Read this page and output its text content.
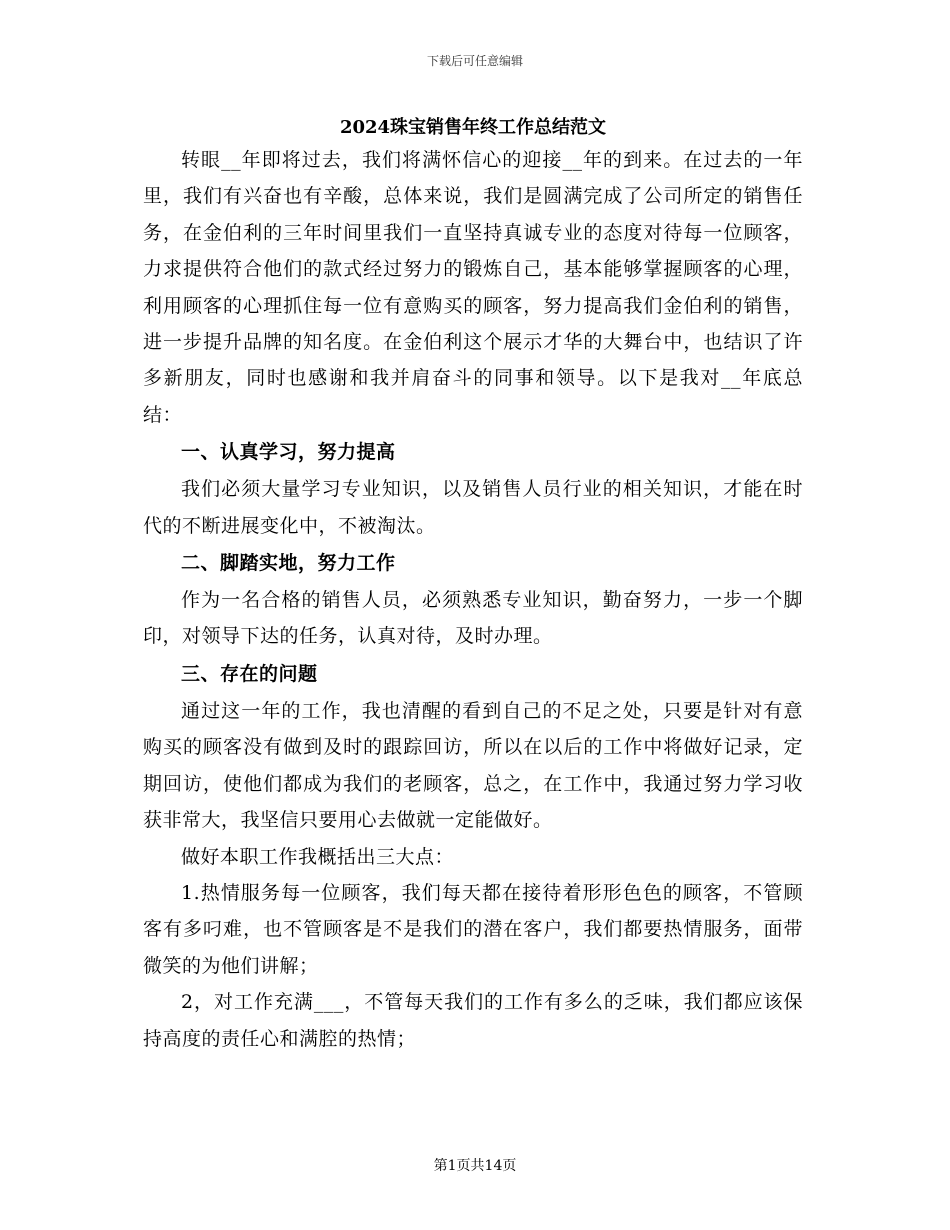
下载后可任意编辑
2024珠宝销售年终工作总结范文

转眼__年即将过去，我们将满怀信心的迎接__年的到来。在过去的一年里，我们有兴奋也有辛酸，总体来说，我们是圆满完成了公司所定的销售任务，在金伯利的三年时间里我们一直坚持真诚专业的态度对待每一位顾客，力求提供符合他们的款式经过努力的锻炼自己，基本能够掌握顾客的心理，利用顾客的心理抓住每一位有意购买的顾客，努力提高我们金伯利的销售，进一步提升品牌的知名度。在金伯利这个展示才华的大舞台中，也结识了许多新朋友，同时也感谢和我并肩奋斗的同事和领导。以下是我对__年底总结：

一、认真学习，努力提高

我们必须大量学习专业知识，以及销售人员行业的相关知识，才能在时代的不断进展变化中，不被淘汰。

二、脚踏实地，努力工作

作为一名合格的销售人员，必须熟悉专业知识，勤奋努力，一步一个脚印，对领导下达的任务，认真对待，及时办理。

三、存在的问题

通过这一年的工作，我也清醒的看到自己的不足之处，只要是针对有意购买的顾客没有做到及时的跟踪回访，所以在以后的工作中将做好记录，定期回访，使他们都成为我们的老顾客，总之，在工作中，我通过努力学习收获非常大，我坚信只要用心去做就一定能做好。

做好本职工作我概括出三大点：

1.热情服务每一位顾客，我们每天都在接待着形形色色的顾客，不管顾客有多叼难，也不管顾客是不是我们的潜在客户，我们都要热情服务，面带微笑的为他们讲解；

2，对工作充满___，不管每天我们的工作有多么的乏味，我们都应该保持高度的责任心和满腔的热情；

第1页共14页
